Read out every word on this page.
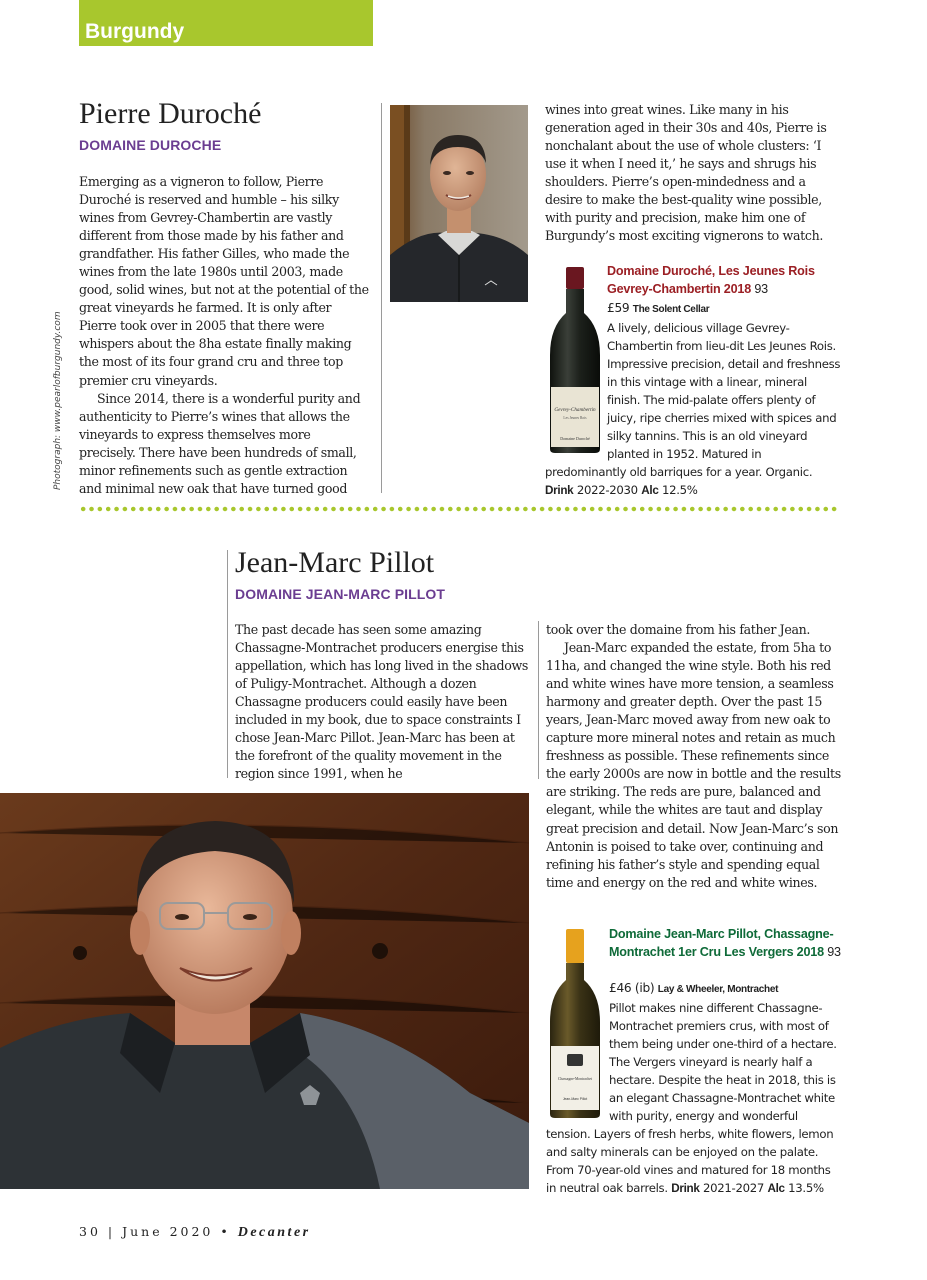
Burgundy
Pierre Duroché
DOMAINE DUROCHE
Photograph: www.pearlofburgundy.com

Emerging as a vigneron to follow, Pierre Duroché is reserved and humble – his silky wines from Gevrey-Chambertin are vastly different from those made by his father and grandfather. His father Gilles, who made the wines from the late 1980s until 2003, made good, solid wines, but not at the potential of the great vineyards he farmed. It is only after Pierre took over in 2005 that there were whispers about the 8ha estate finally making the most of its four grand cru and three top premier cru vineyards.

Since 2014, there is a wonderful purity and authenticity to Pierre’s wines that allows the vineyards to express themselves more precisely. There have been hundreds of small, minor refinements such as gentle extraction and minimal new oak that have turned good

wines into great wines. Like many in his generation aged in their 30s and 40s, Pierre is nonchalant about the use of whole clusters: ‘I use it when I need it,’ he says and shrugs his shoulders. Pierre’s open-mindedness and a desire to make the best-quality wine possible, with purity and precision, make him one of Burgundy’s most exciting vignerons to watch.

Gevrey-Chambertin
Les Jeunes Rois
Domaine Duroché
Domaine Duroché, Les Jeunes Rois Gevrey-Chambertin 2018 93
£59 The Solent Cellar
A lively, delicious village Gevrey-Chambertin from lieu-dit Les Jeunes Rois. Impressive precision, detail and freshness in this vintage with a linear, mineral finish. The mid-palate offers plenty of juicy, ripe cherries mixed with spices and silky tannins. This is an old vineyard planted in 1952. Matured in predominantly old barriques for a year. Organic.
Drink 2022-2030 Alc 12.5%
Jean-Marc Pillot
DOMAINE JEAN-MARC PILLOT

The past decade has seen some amazing Chassagne-Montrachet producers energise this appellation, which has long lived in the shadows of Puligy-Montrachet. Although a dozen Chassagne producers could easily have been included in my book, due to space constraints I chose Jean-Marc Pillot. Jean-Marc has been at the forefront of the quality movement in the region since 1991, when he

took over the domaine from his father Jean.

Jean-Marc expanded the estate, from 5ha to 11ha, and changed the wine style. Both his red and white wines have more tension, a seamless harmony and greater depth. Over the past 15 years, Jean-Marc moved away from new oak to capture more mineral notes and retain as much freshness as possible. These refinements since the early 2000s are now in bottle and the results are striking. The reds are pure, balanced and elegant, while the whites are taut and display great precision and detail. Now Jean-Marc’s son Antonin is poised to take over, continuing and refining his father’s style and spending equal time and energy on the red and white wines.

Chassagne-Montrachet
Jean-Marc Pillot
Domaine Jean-Marc Pillot, Chassagne-Montrachet 1er Cru Les Vergers 2018 93
£46 (ib) Lay & Wheeler, Montrachet
Pillot makes nine different Chassagne-Montrachet premiers crus, with most of them being under one-third of a hectare. The Vergers vineyard is nearly half a hectare. Despite the heat in 2018, this is an elegant Chassagne-Montrachet white with purity, energy and wonderful tension. Layers of fresh herbs, white flowers, lemon and salty minerals can be enjoyed on the palate. From 70-year-old vines and matured for 18 months in neutral oak barrels. Drink 2021-2027 Alc 13.5%
30 | June 2020 • Decanter
